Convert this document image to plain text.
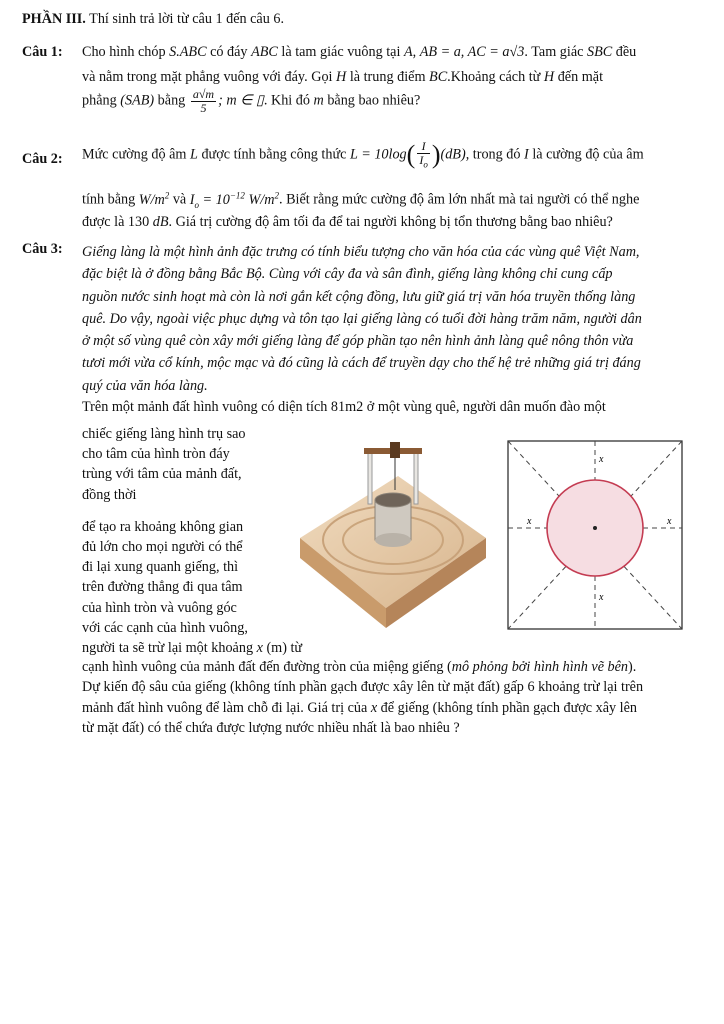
PHẦN III. Thí sinh trả lời từ câu 1 đến câu 6.
Câu 1: Cho hình chóp S.ABC có đáy ABC là tam giác vuông tại A, AB = a, AC = a√3. Tam giác SBC đều
và nằm trong mặt phẳng vuông với đáy. Gọi H là trung điểm BC.Khoảng cách từ H đến mặt
phẳng (SAB) bằng $\frac{a√m}{5}$ ; m ∈ ▯. Khi đó m bằng bao nhiêu?
Câu 2: Mức cường độ âm L được tính bằng công thức $L = 10\log( \frac{I}{I_o} )(dB)$, trong đó I là cường độ của âm
tính bằng $W/m^2$ và $I_o = 10^{-12}$ $W/m^2$. Biết rằng mức cường độ âm lớn nhất mà tai người có thể nghe
được là 130 dB. Giá trị cường độ âm tối đa để tai người không bị tổn thương bằng bao nhiêu?
Câu 3: Giếng làng là một hình ảnh đặc trưng có tính biểu tượng cho văn hóa của các vùng quê Việt Nam,
đặc biệt là ở đồng bằng Bắc Bộ. Cùng với cây đa và sân đình, giếng làng không chỉ cung cấp
nguồn nước sinh hoạt mà còn là nơi gắn kết cộng đồng, lưu giữ giá trị văn hóa truyền thống làng
quê. Do vậy, ngoài việc phục dựng và tôn tạo lại giếng làng có tuổi đời hàng trăm năm, người dân
ở một số vùng quê còn xây mới giếng làng để góp phần tạo nên hình ảnh làng quê nông thôn vừa
tươi mới vừa cổ kính, mộc mạc và đó cũng là cách để truyền dạy cho thế hệ trẻ những giá trị đáng
quý của văn hóa làng.
Trên một mảnh đất hình vuông có diện tích 81m2 ở một vùng quê, người dân muốn đào một
chiếc giếng làng hình trụ sao
cho tâm của hình tròn đáy
trùng với tâm của mảnh đất,
đồng thời
để tạo ra khoảng không gian
đủ lớn cho mọi người có thể
đi lại xung quanh giếng, thì
trên đường thẳng đi qua tâm
của hình tròn và vuông góc
với các cạnh của hình vuông,
người ta sẽ trừ lại một khoảng x (m) từ
x
x	x
x
cạnh hình vuông của mảnh đất đến đường tròn của miệng giếng (mô phỏng bởi hình hình vẽ bên).
Dự kiến độ sâu của giếng (không tính phần gạch được xây lên từ mặt đất) gấp 6 khoảng trừ lại trên
mảnh đất hình vuông để làm chỗ đi lại. Giá trị của x để giếng (không tính phần gạch được xây lên
từ mặt đất) có thể chứa được lượng nước nhiều nhất là bao nhiêu ?
